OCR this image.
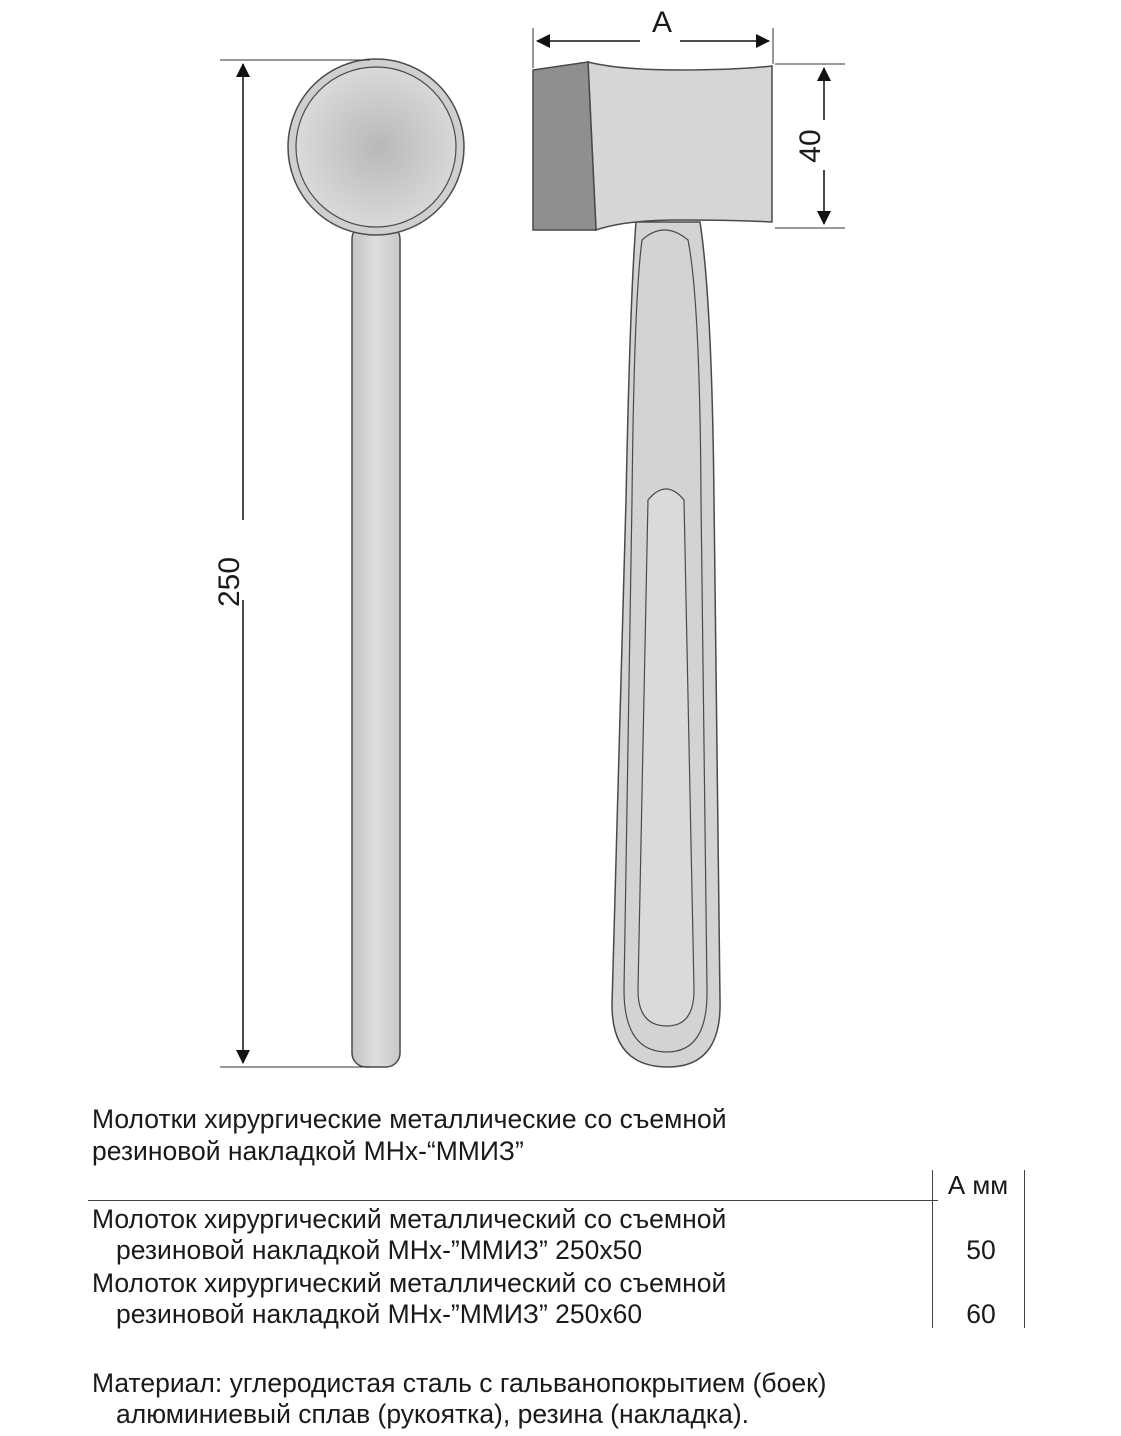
250
A
40
Молотки хирургические металлические со съемной
резиновой накладкой МНх-“ММИЗ”
А мм
Молоток хирургический металлический со съемной
резиновой накладкой МНх-”ММИЗ” 250х50	50
Молоток хирургический металлический со съемной
резиновой накладкой МНх-”ММИЗ” 250х60	60
Материал: углеродистая сталь с гальванопокрытием (боек)
алюминиевый сплав (рукоятка), резина (накладка).
